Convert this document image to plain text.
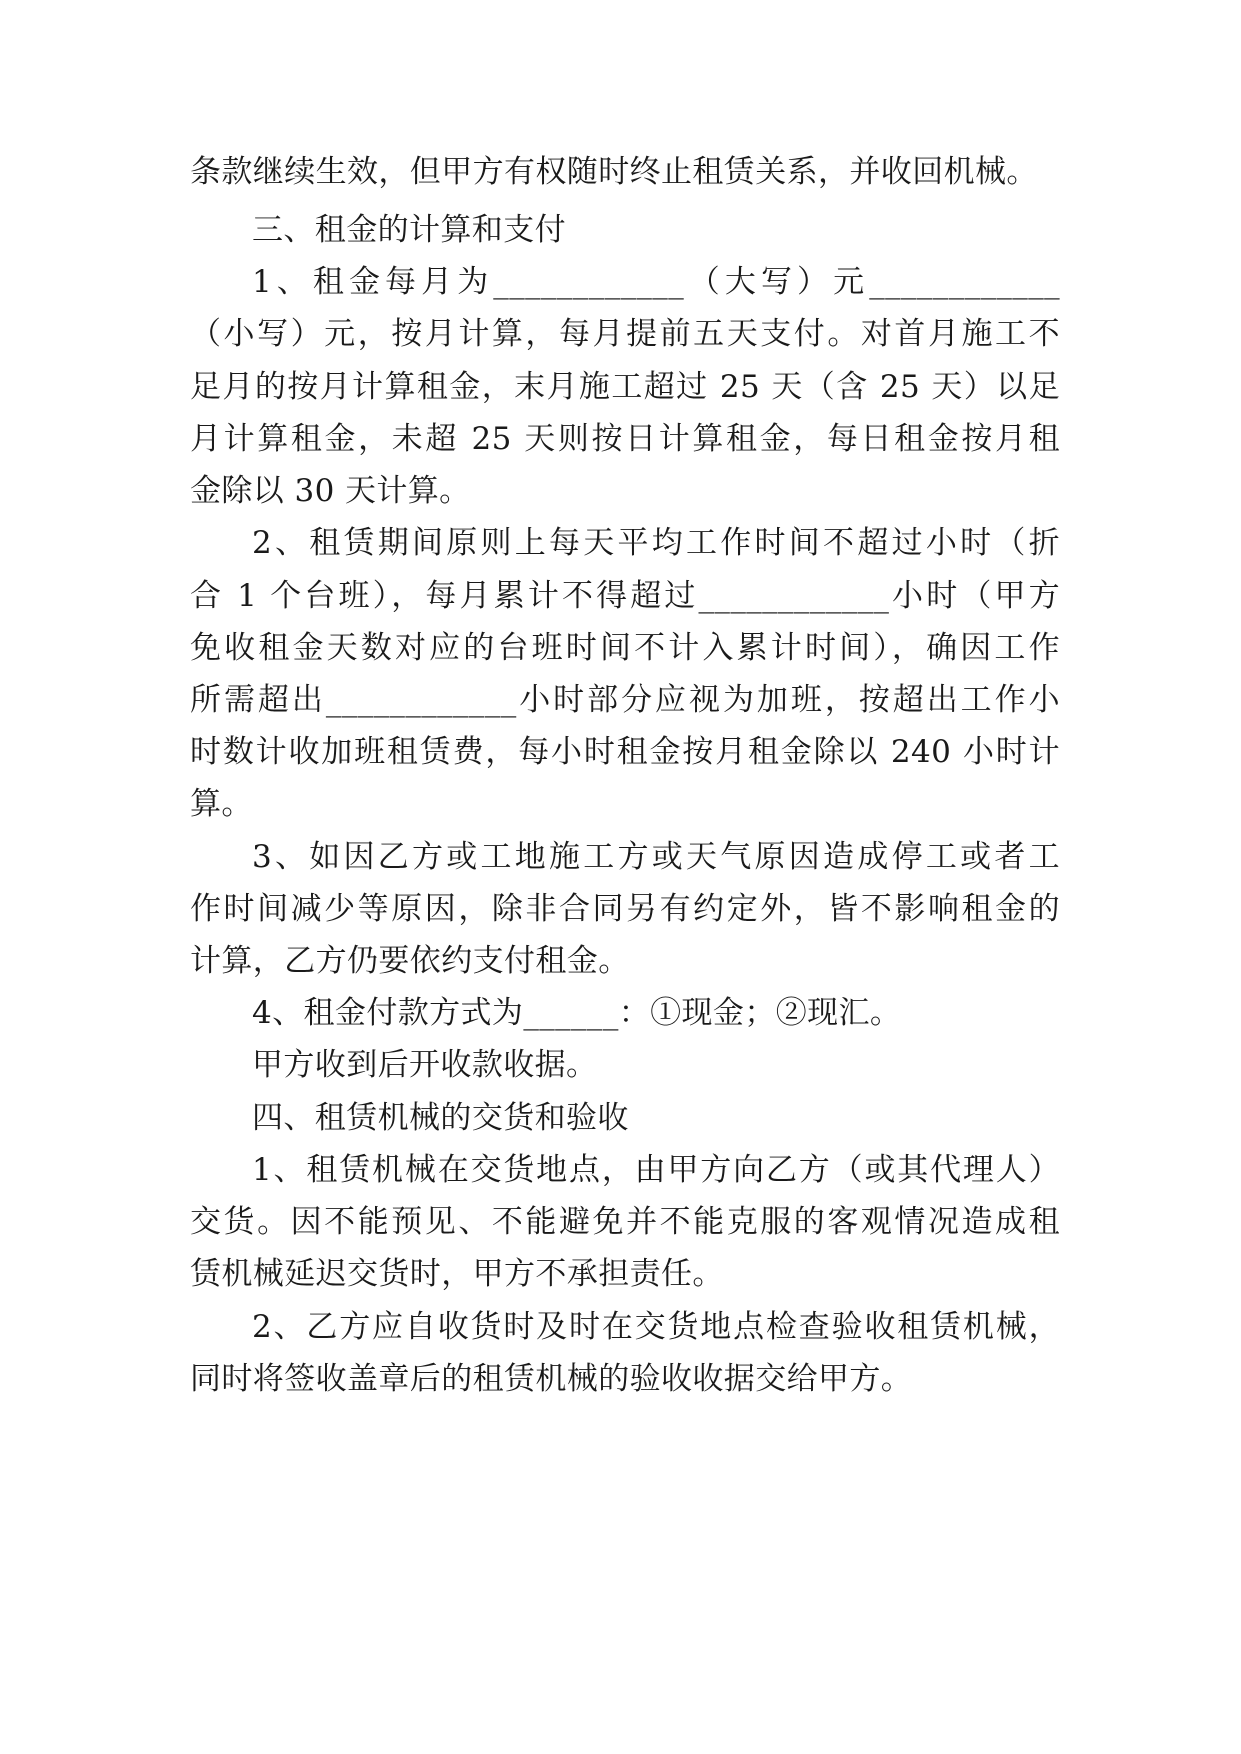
条款继续生效，但甲方有权随时终止租赁关系，并收回机械。
三、租金的计算和支付
1、租金每月为____________（大写）元____________
（小写）元，按月计算，每月提前五天支付。对首月施工不
足月的按月计算租金，末月施工超过 25 天（含 25 天）以足
月计算租金，未超 25 天则按日计算租金，每日租金按月租
金除以 30 天计算。
2、租赁期间原则上每天平均工作时间不超过小时（折
合 1 个台班），每月累计不得超过____________小时（甲方
免收租金天数对应的台班时间不计入累计时间），确因工作
所需超出____________小时部分应视为加班，按超出工作小
时数计收加班租赁费，每小时租金按月租金除以 240 小时计
算。
3、如因乙方或工地施工方或天气原因造成停工或者工
作时间减少等原因，除非合同另有约定外，皆不影响租金的
计算，乙方仍要依约支付租金。
4、租金付款方式为______：①现金；②现汇。
甲方收到后开收款收据。
四、租赁机械的交货和验收
1、租赁机械在交货地点，由甲方向乙方（或其代理人）
交货。因不能预见、不能避免并不能克服的客观情况造成租
赁机械延迟交货时，甲方不承担责任。
2、乙方应自收货时及时在交货地点检查验收租赁机械，
同时将签收盖章后的租赁机械的验收收据交给甲方。
